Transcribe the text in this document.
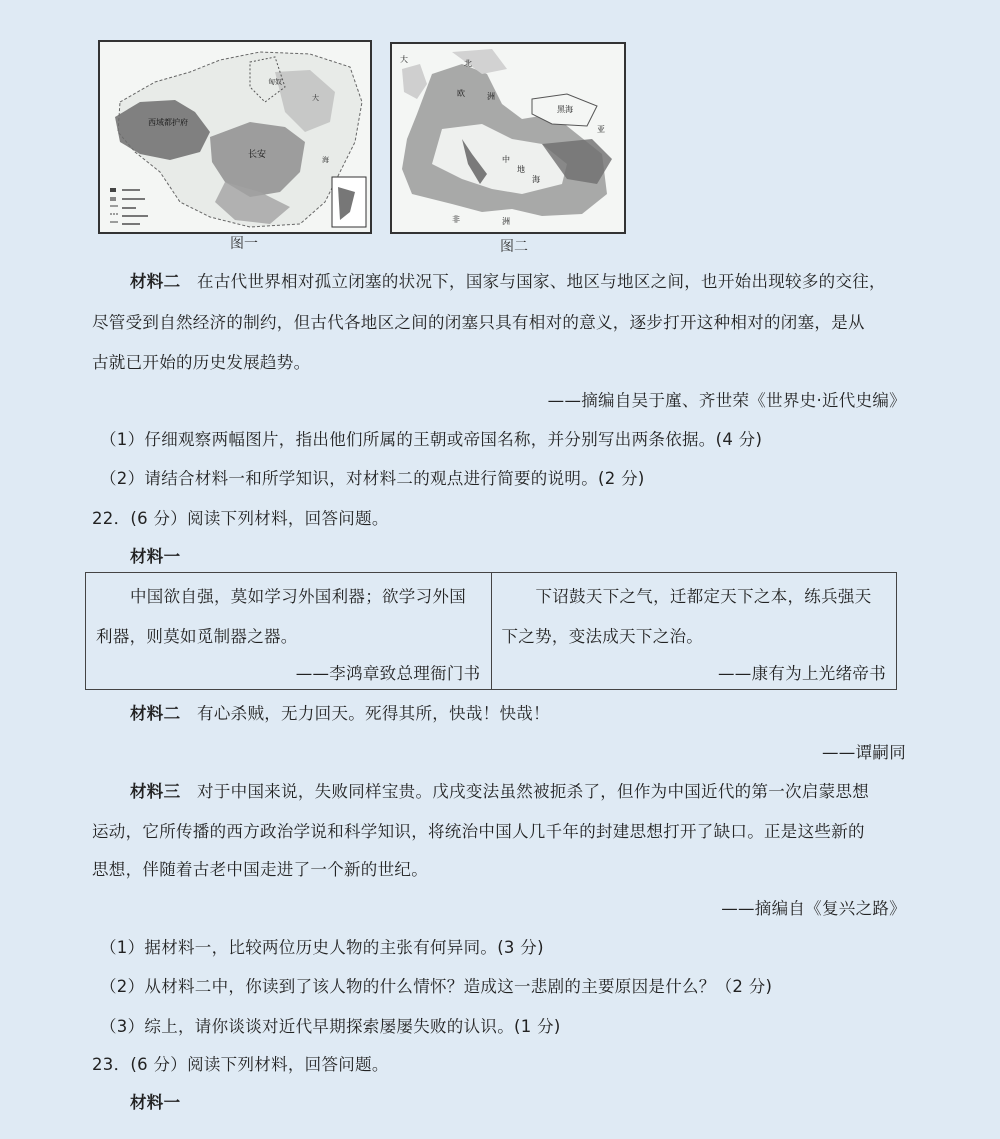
西域都护府
长安
匈奴
大
海
图一
大	北
欧
黑海
洲
亚
非	洲
中
地
海
图二
材料二 在古代世界相对孤立闭塞的状况下，国家与国家、地区与地区之间，也开始出现较多的交往，
尽管受到自然经济的制约，但古代各地区之间的闭塞只具有相对的意义，逐步打开这种相对的闭塞，是从
古就已开始的历史发展趋势。
——摘编自吴于廑、齐世荣《世界史·近代史编》
（1）仔细观察两幅图片，指出他们所属的王朝或帝国名称，并分别写出两条依据。(4 分)
（2）请结合材料一和所学知识，对材料二的观点进行简要的说明。(2 分)
22．(6 分）阅读下列材料，回答问题。
材料一
中国欲自强，莫如学习外国利器；欲学习外国
利器，则莫如觅制器之器。
——李鸿章致总理衙门书

下诏鼓天下之气，迁都定天下之本，练兵强天
下之势，变法成天下之治。
——康有为上光绪帝书
材料二 有心杀贼，无力回天。死得其所，快哉！快哉！
——谭嗣同
材料三 对于中国来说，失败同样宝贵。戊戌变法虽然被扼杀了，但作为中国近代的第一次启蒙思想
运动，它所传播的西方政治学说和科学知识，将统治中国人几千年的封建思想打开了缺口。正是这些新的
思想，伴随着古老中国走进了一个新的世纪。
——摘编自《复兴之路》
（1）据材料一，比较两位历史人物的主张有何异同。(3 分)
（2）从材料二中，你读到了该人物的什么情怀？造成这一悲剧的主要原因是什么？（2 分)
（3）综上，请你谈谈对近代早期探索屡屡失败的认识。(1 分)
23．(6 分）阅读下列材料，回答问题。
材料一
